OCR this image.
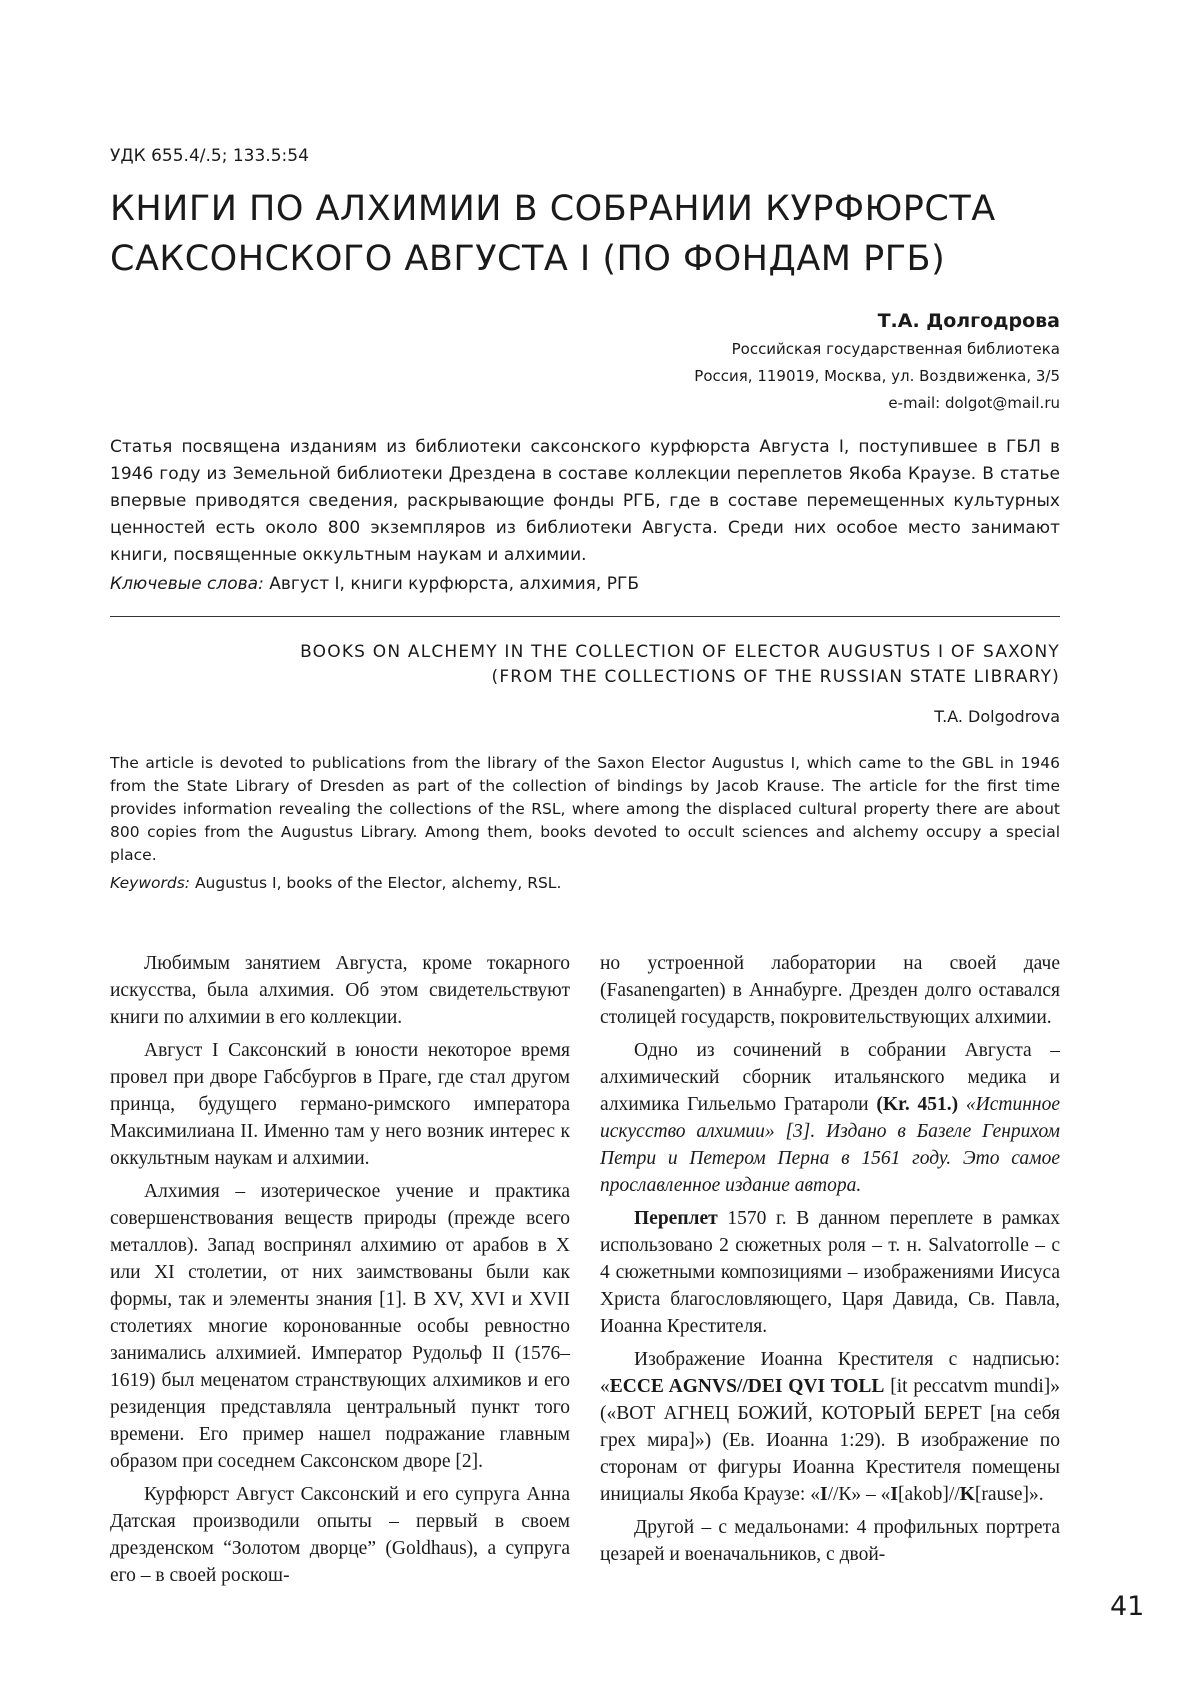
УДК 655.4/.5; 133.5:54
КНИГИ ПО АЛХИМИИ В СОБРАНИИ КУРФЮРСТА
САКСОНСКОГО АВГУСТА I (ПО ФОНДАМ РГБ)
Т.А. Долгодрова
Российская государственная библиотека
Россия, 119019, Москва, ул. Воздвиженка, 3/5
e-mail: dolgot@mail.ru

Статья посвящена изданиям из библиотеки саксонского курфюрста Августа I, поступившее в ГБЛ в 1946 году из Земельной библиотеки Дрездена в составе коллекции переплетов Якоба Краузе. В статье впервые приводятся сведения, раскрывающие фонды РГБ, где в составе перемещенных культурных ценностей есть около 800 экземпляров из библиотеки Августа. Среди них особое место занимают книги, посвященные оккультным наукам и алхимии.

Ключевые слова: Август I, книги курфюрста, алхимия, РГБ
BOOKS ON ALCHEMY IN THE COLLECTION OF ELECTOR AUGUSTUS I OF SAXONY
(FROM THE COLLECTIONS OF THE RUSSIAN STATE LIBRARY)
T.A. Dolgodrova

The article is devoted to publications from the library of the Saxon Elector Augustus I, which came to the GBL in 1946 from the State Library of Dresden as part of the collection of bindings by Jacob Krause. The article for the first time provides information revealing the collections of the RSL, where among the displaced cultural property there are about 800 copies from the Augustus Library. Among them, books devoted to occult sciences and alchemy occupy a special place.

Keywords: Augustus I, books of the Elector, alchemy, RSL.

Любимым занятием Августа, кроме токарного искусства, была алхимия. Об этом свидетельствуют книги по алхимии в его коллекции.

Август I Саксонский в юности некоторое время провел при дворе Габсбургов в Праге, где стал другом принца, будущего германо-римского императора Максимилиана II. Именно там у него возник интерес к оккультным наукам и алхимии.

Алхимия – изотерическое учение и практика совершенствования веществ природы (прежде всего металлов). Запад воспринял алхимию от арабов в X или XI столетии, от них заимствованы были как формы, так и элементы знания [1]. В XV, XVI и XVII столетиях многие коронованные особы ревностно занимались алхимией. Император Рудольф II (1576–1619) был меценатом странствующих алхимиков и его резиденция представляла центральный пункт того времени. Его пример нашел подражание главным образом при соседнем Саксонском дворе [2].

Курфюрст Август Саксонский и его супруга Анна Датская производили опыты – первый в своем дрезденском “Золотом дворце” (Goldhaus), а супруга его – в своей роскош-

но устроенной лаборатории на своей даче (Fasanengarten) в Аннабурге. Дрезден долго оставался столицей государств, покровительствующих алхимии.

Одно из сочинений в собрании Августа – алхимический сборник итальянского медика и алхимика Гильельмо Гратароли (Kr. 451.) «Истинное искусство алхимии» [3]. Издано в Базеле Генрихом Петри и Петером Перна в 1561 году. Это самое прославленное издание автора.

Переплет 1570 г. В данном переплете в рамках использовано 2 сюжетных роля – т. н. Salvatorrolle – с 4 сюжетными композициями – изображениями Иисуса Христа благословляющего, Царя Давида, Св. Павла, Иоанна Крестителя.

Изображение Иоанна Крестителя с надписью: «ECCE AGNVS//DEI QVI TOLL [it peccatvm mundi]» («ВОТ АГНЕЦ БОЖИЙ, КОТОРЫЙ БЕРЕТ [на себя грех мира]») (Ев. Иоанна 1:29). В изображение по сторонам от фигуры Иоанна Крестителя помещены инициалы Якоба Краузе: «I//К» – «I[akob]//K[rause]».

Другой – с медальонами: 4 профильных портрета цезарей и военачальников, с двой-

41
